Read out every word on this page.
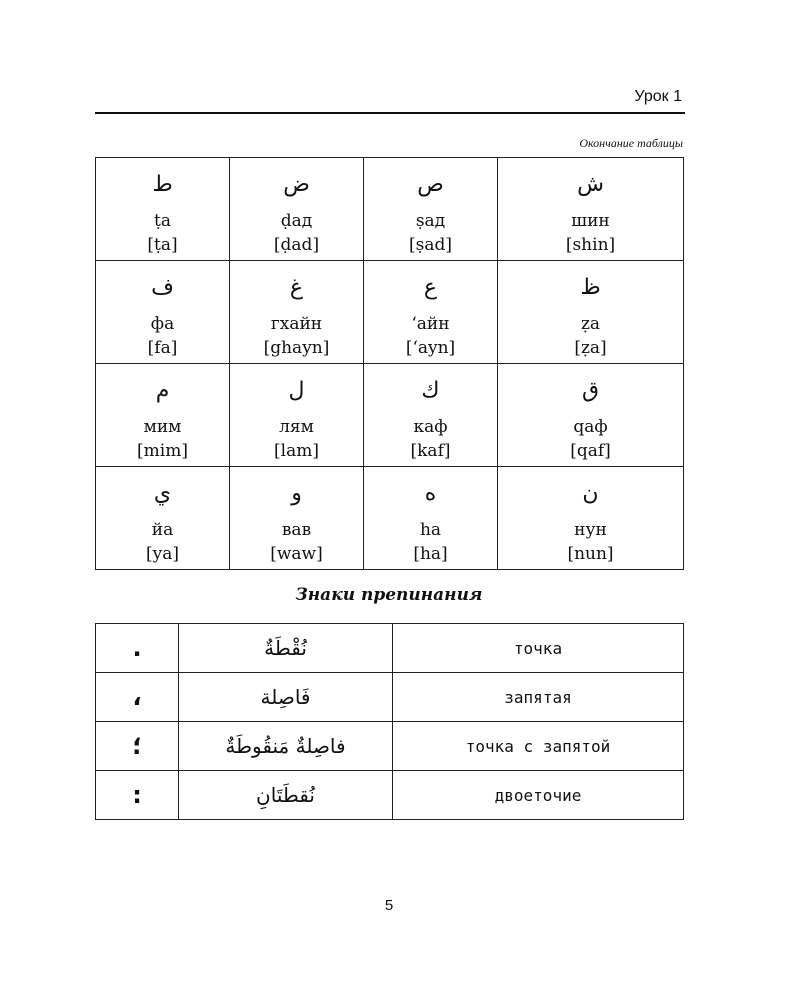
Урок 1
Окончание таблицы
ط
ṭа
[ṭa]	ض
ḍад
[ḍad]	ص
ṣад
[ṣad]	ش
шин
[shin]

ف
фа
[fa]	غ
гхайн
[ghayn]	ع
ʻайн
[ʻayn]	ظ
ẓа
[ẓa]

م
мим
[mim]	ل
лям
[lam]	ك
каф
[kaf]	ق
qаф
[qaf]

ي
йа
[ya]	و
вав
[waw]	ه
ha
[ha]	ن
нун
[nun]
Знаки препинания
.	نُقْطَةٌ	точка
،	فَاصِلة	запятая
؛	فاصِلةٌ مَنقُوطَةٌ	точка с запятой
:	نُقطَتَانِ	двоеточие
5
